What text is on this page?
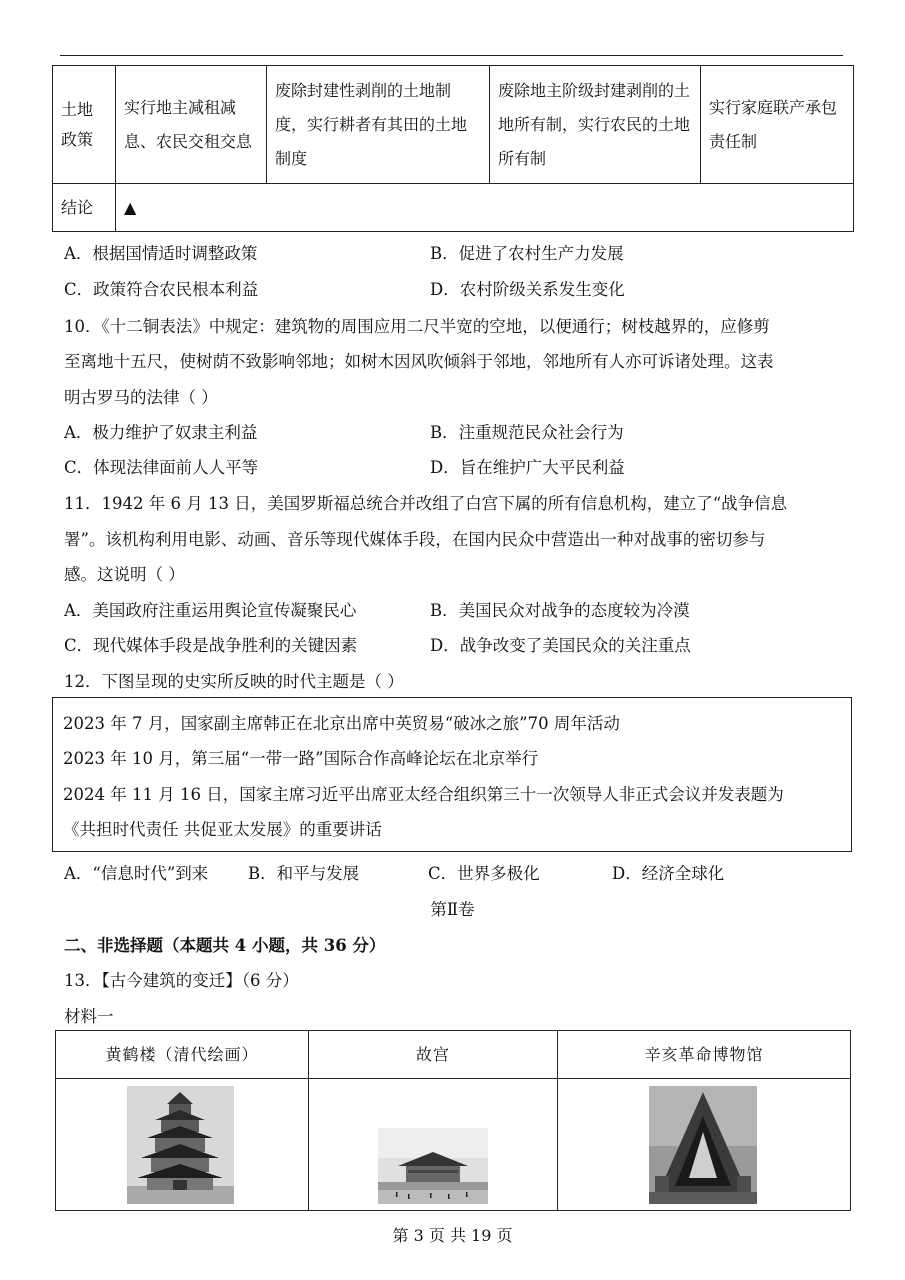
土地政策	实行地主减租减息、农民交租交息	废除封建性剥削的土地制度，实行耕者有其田的土地制度	废除地主阶级封建剥削的土地所有制，实行农民的土地所有制	实行家庭联产承包责任制
结论	▲			
A．根据国情适时调整政策	B．促进了农村生产力发展
C．政策符合农民根本利益	D．农村阶级关系发生变化
10．《十二铜表法》中规定：建筑物的周围应用二尺半宽的空地，以便通行；树枝越界的，应修剪
至离地十五尺，使树荫不致影响邻地；如树木因风吹倾斜于邻地，邻地所有人亦可诉诸处理。这表
明古罗马的法律（ ）
A．极力维护了奴隶主利益	B．注重规范民众社会行为
C．体现法律面前人人平等	D．旨在维护广大平民利益
11．1942 年 6 月 13 日，美国罗斯福总统合并改组了白宫下属的所有信息机构，建立了“战争信息
署”。该机构利用电影、动画、音乐等现代媒体手段，在国内民众中营造出一种对战事的密切参与
感。这说明（ ）
A．美国政府注重运用舆论宣传凝聚民心	B．美国民众对战争的态度较为冷漠
C．现代媒体手段是战争胜利的关键因素	D．战争改变了美国民众的关注重点
12．下图呈现的史实所反映的时代主题是（ ）
2023 年 7 月，国家副主席韩正在北京出席中英贸易“破冰之旅”70 周年活动
2023 年 10 月，第三届“一带一路”国际合作高峰论坛在北京举行
2024 年 11 月 16 日，国家主席习近平出席亚太经合组织第三十一次领导人非正式会议并发表题为
《共担时代责任 共促亚太发展》的重要讲话
A．“信息时代”到来 B．和平与发展	C．世界多极化	D．经济全球化
第Ⅱ卷
二、非选择题（本题共 4 小题，共 36 分）
13．【古今建筑的变迁】（6 分）
材料一
黄鹤楼（清代绘画）	故宫	辛亥革命博物馆

第 3 页 共 19 页
